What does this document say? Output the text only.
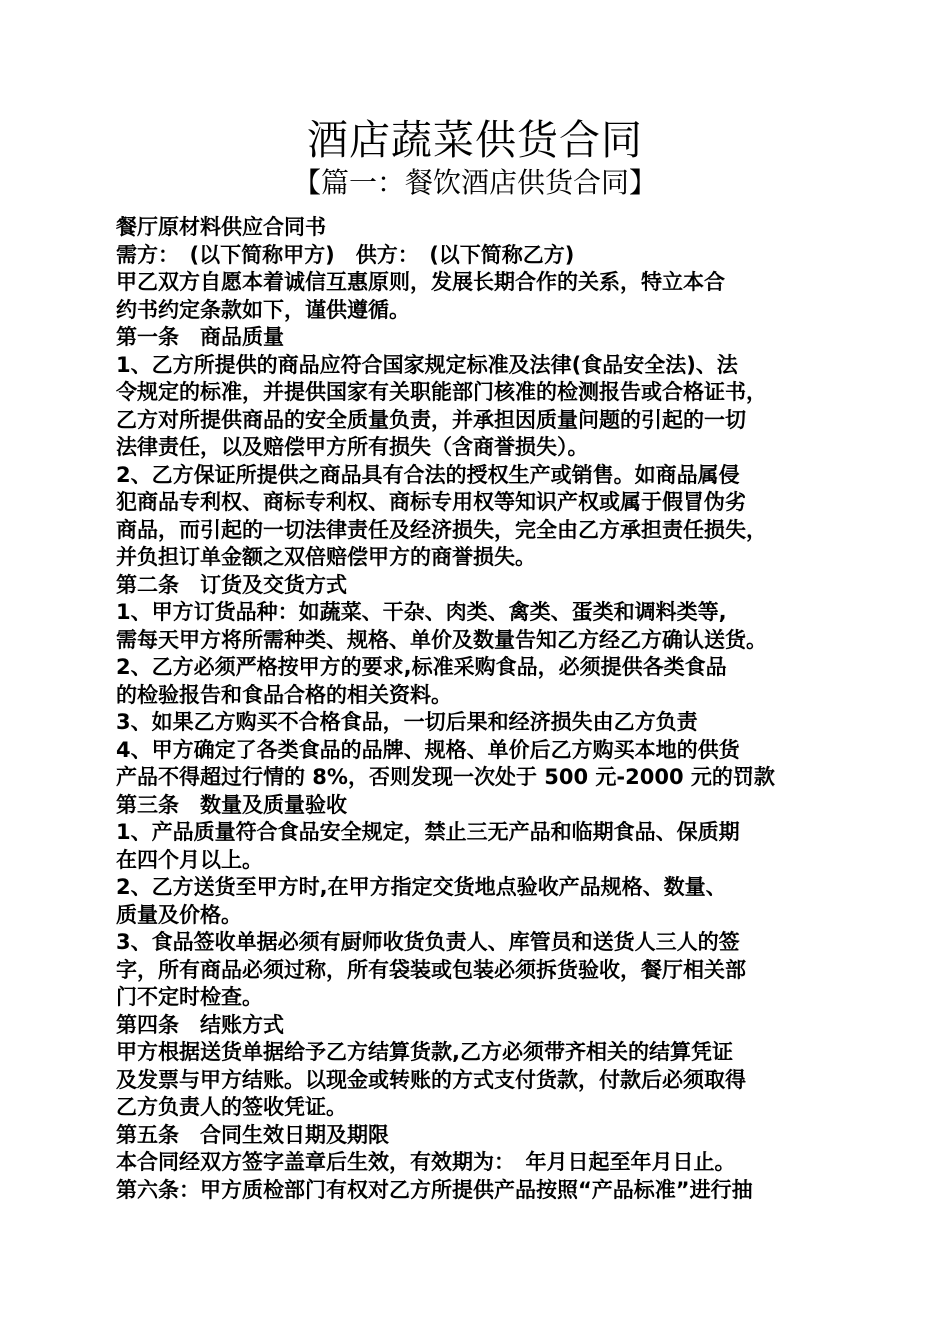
酒店蔬菜供货合同
【篇一：餐饮酒店供货合同】
餐厅原材料供应合同书
需方：　(以下简称甲方)　供方：　(以下简称乙方)
甲乙双方自愿本着诚信互惠原则，发展长期合作的关系，特立本合
约书约定条款如下，谨供遵循。
第一条　商品质量
1、乙方所提供的商品应符合国家规定标准及法律(食品安全法)、法
令规定的标准，并提供国家有关职能部门核准的检测报告或合格证书，
乙方对所提供商品的安全质量负责，并承担因质量问题的引起的一切
法律责任，以及赔偿甲方所有损失（含商誉损失）。
2、乙方保证所提供之商品具有合法的授权生产或销售。如商品属侵
犯商品专利权、商标专利权、商标专用权等知识产权或属于假冒伪劣
商品，而引起的一切法律责任及经济损失，完全由乙方承担责任损失，
并负担订单金额之双倍赔偿甲方的商誉损失。
第二条　订货及交货方式
1、甲方订货品种：如蔬菜、干杂、肉类、禽类、蛋类和调料类等,
需每天甲方将所需种类、规格、单价及数量告知乙方经乙方确认送货。
2、乙方必须严格按甲方的要求,标准采购食品，必须提供各类食品
的检验报告和食品合格的相关资料。
3、如果乙方购买不合格食品，一切后果和经济损失由乙方负责
4、甲方确定了各类食品的品牌、规格、单价后乙方购买本地的供货
产品不得超过行情的 8%，否则发现一次处于 500 元-2000 元的罚款
第三条　数量及质量验收
1、产品质量符合食品安全规定，禁止三无产品和临期食品、保质期
在四个月以上。
2、乙方送货至甲方时,在甲方指定交货地点验收产品规格、数量、
质量及价格。
3、食品签收单据必须有厨师收货负责人、库管员和送货人三人的签
字，所有商品必须过称，所有袋装或包装必须拆货验收，餐厅相关部
门不定时检查。
第四条　结账方式
甲方根据送货单据给予乙方结算货款,乙方必须带齐相关的结算凭证
及发票与甲方结账。以现金或转账的方式支付货款，付款后必须取得
乙方负责人的签收凭证。
第五条　合同生效日期及期限
本合同经双方签字盖章后生效，有效期为：　年月日起至年月日止。
第六条：甲方质检部门有权对乙方所提供产品按照“产品标准”进行抽
